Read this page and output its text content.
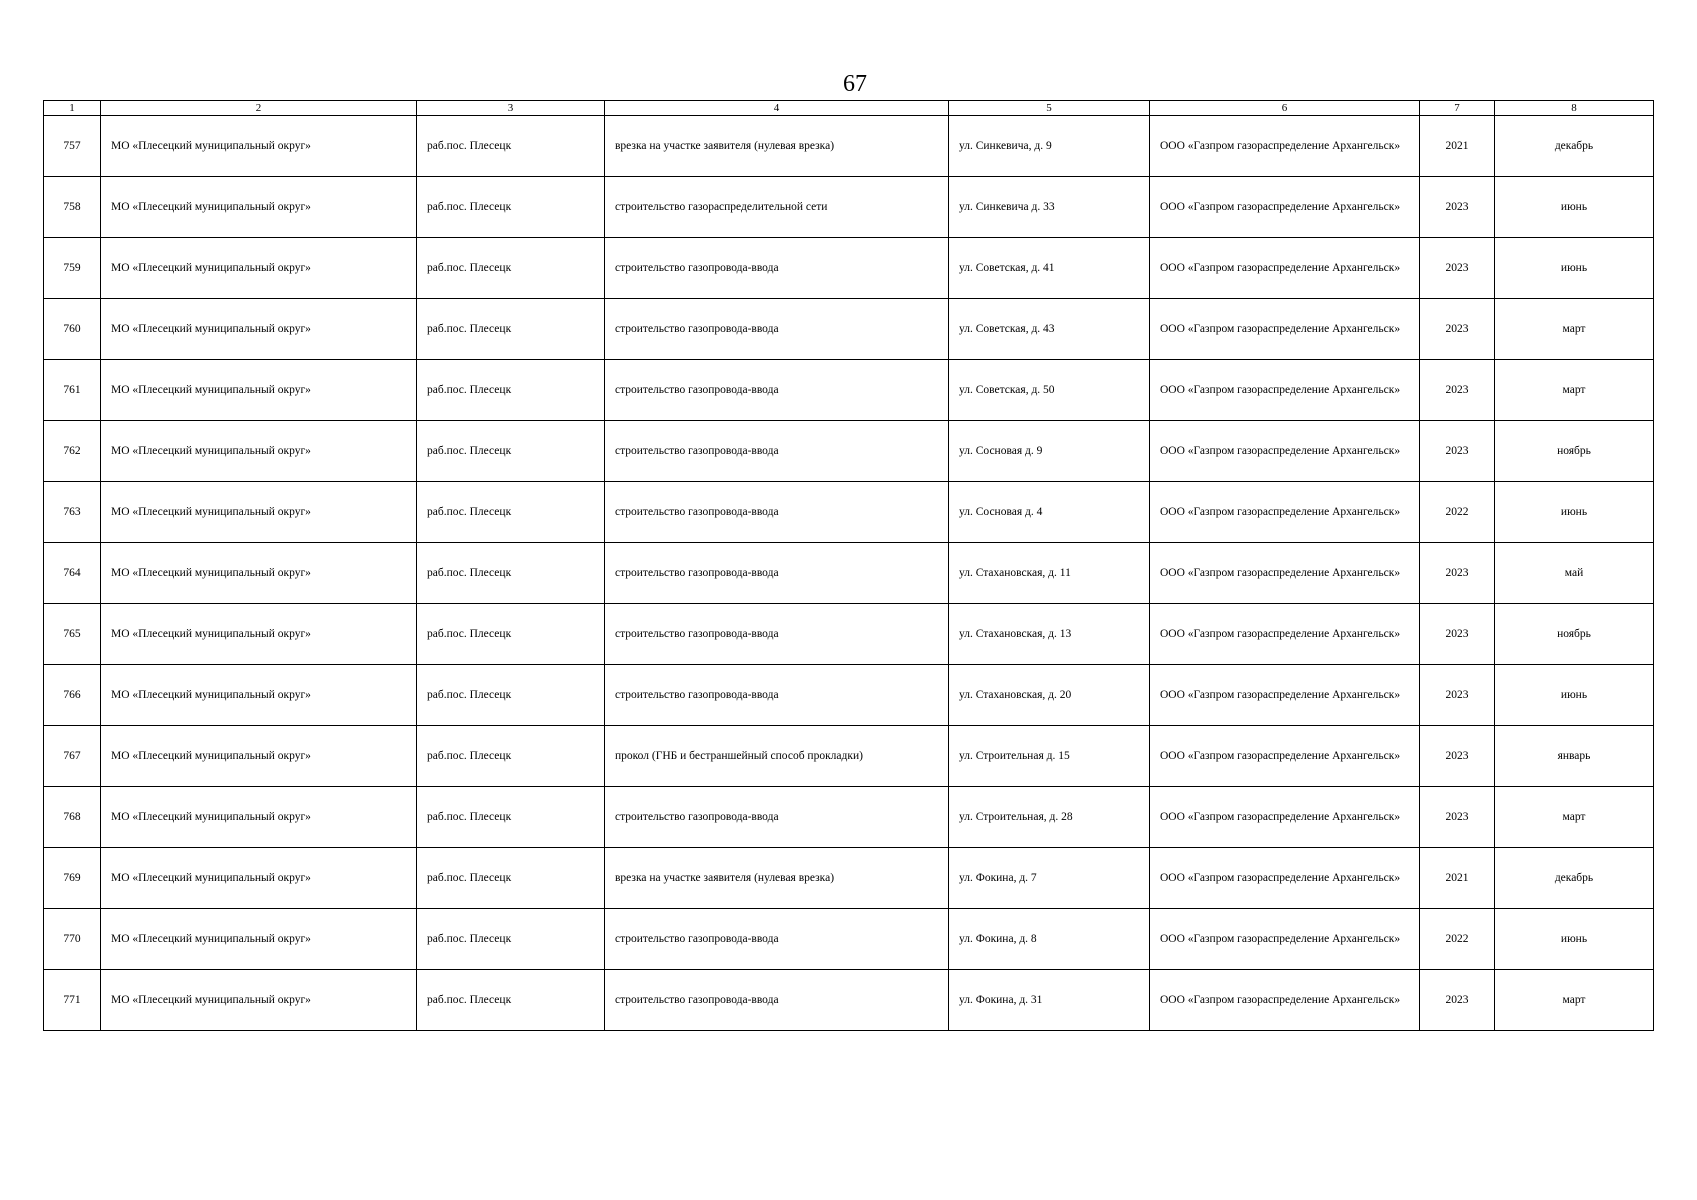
67
1	2	3	4	5	6	7	8
757	МО «Плесецкий муниципальный округ»	раб.пос. Плесецк	врезка на участке заявителя (нулевая врезка)	ул. Синкевича, д. 9	ООО «Газпром газораспределение Архангельск»	2021	декабрь
758	МО «Плесецкий муниципальный округ»	раб.пос. Плесецк	строительство газораспределительной сети	ул. Синкевича д. 33	ООО «Газпром газораспределение Архангельск»	2023	июнь
759	МО «Плесецкий муниципальный округ»	раб.пос. Плесецк	строительство газопровода-ввода	ул. Советская, д. 41	ООО «Газпром газораспределение Архангельск»	2023	июнь
760	МО «Плесецкий муниципальный округ»	раб.пос. Плесецк	строительство газопровода-ввода	ул. Советская, д. 43	ООО «Газпром газораспределение Архангельск»	2023	март
761	МО «Плесецкий муниципальный округ»	раб.пос. Плесецк	строительство газопровода-ввода	ул. Советская, д. 50	ООО «Газпром газораспределение Архангельск»	2023	март
762	МО «Плесецкий муниципальный округ»	раб.пос. Плесецк	строительство газопровода-ввода	ул. Сосновая д. 9	ООО «Газпром газораспределение Архангельск»	2023	ноябрь
763	МО «Плесецкий муниципальный округ»	раб.пос. Плесецк	строительство газопровода-ввода	ул. Сосновая д. 4	ООО «Газпром газораспределение Архангельск»	2022	июнь
764	МО «Плесецкий муниципальный округ»	раб.пос. Плесецк	строительство газопровода-ввода	ул. Стахановская, д. 11	ООО «Газпром газораспределение Архангельск»	2023	май
765	МО «Плесецкий муниципальный округ»	раб.пос. Плесецк	строительство газопровода-ввода	ул. Стахановская, д. 13	ООО «Газпром газораспределение Архангельск»	2023	ноябрь
766	МО «Плесецкий муниципальный округ»	раб.пос. Плесецк	строительство газопровода-ввода	ул. Стахановская, д. 20	ООО «Газпром газораспределение Архангельск»	2023	июнь
767	МО «Плесецкий муниципальный округ»	раб.пос. Плесецк	прокол (ГНБ и бестраншейный способ прокладки)	ул. Строительная д. 15	ООО «Газпром газораспределение Архангельск»	2023	январь
768	МО «Плесецкий муниципальный округ»	раб.пос. Плесецк	строительство газопровода-ввода	ул. Строительная, д. 28	ООО «Газпром газораспределение Архангельск»	2023	март
769	МО «Плесецкий муниципальный округ»	раб.пос. Плесецк	врезка на участке заявителя (нулевая врезка)	ул. Фокина, д. 7	ООО «Газпром газораспределение Архангельск»	2021	декабрь
770	МО «Плесецкий муниципальный округ»	раб.пос. Плесецк	строительство газопровода-ввода	ул. Фокина, д. 8	ООО «Газпром газораспределение Архангельск»	2022	июнь
771	МО «Плесецкий муниципальный округ»	раб.пос. Плесецк	строительство газопровода-ввода	ул. Фокина, д. 31	ООО «Газпром газораспределение Архангельск»	2023	март
